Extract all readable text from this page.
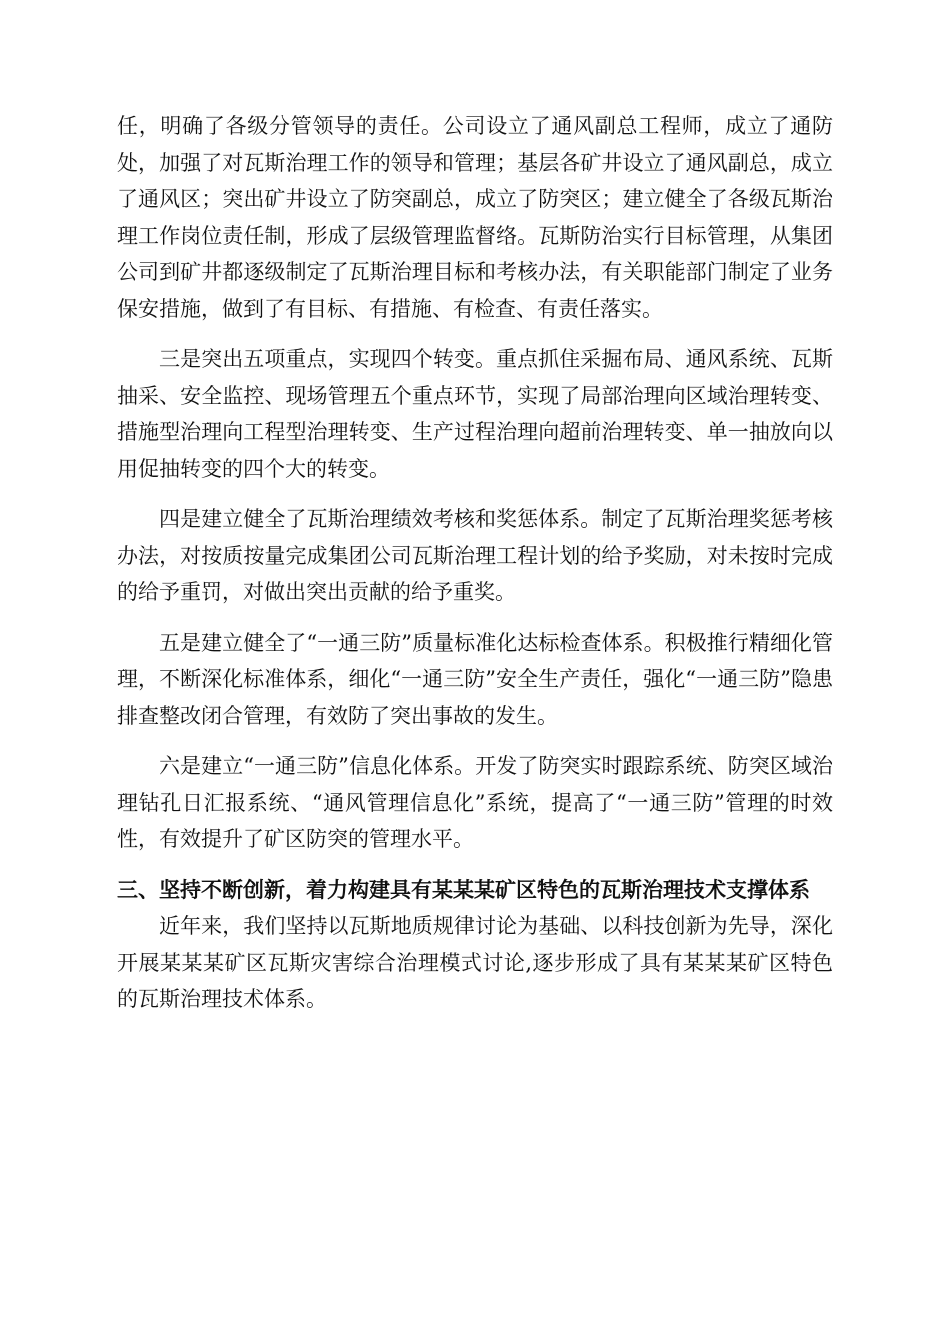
任，明确了各级分管领导的责任。公司设立了通风副总工程师，成立了通防处，加强了对瓦斯治理工作的领导和管理；基层各矿井设立了通风副总，成立了通风区；突出矿井设立了防突副总，成立了防突区；建立健全了各级瓦斯治理工作岗位责任制，形成了层级管理监督络。瓦斯防治实行目标管理，从集团公司到矿井都逐级制定了瓦斯治理目标和考核办法，有关职能部门制定了业务保安措施，做到了有目标、有措施、有检查、有责任落实。

三是突出五项重点，实现四个转变。重点抓住采掘布局、通风系统、瓦斯抽采、安全监控、现场管理五个重点环节，实现了局部治理向区域治理转变、措施型治理向工程型治理转变、生产过程治理向超前治理转变、单一抽放向以用促抽转变的四个大的转变。

四是建立健全了瓦斯治理绩效考核和奖惩体系。制定了瓦斯治理奖惩考核办法，对按质按量完成集团公司瓦斯治理工程计划的给予奖励，对未按时完成的给予重罚，对做出突出贡献的给予重奖。

五是建立健全了“一通三防”质量标准化达标检查体系。积极推行精细化管理，不断深化标准体系，细化“一通三防”安全生产责任，强化“一通三防”隐患排查整改闭合管理，有效防了突出事故的发生。

六是建立“一通三防”信息化体系。开发了防突实时跟踪系统、防突区域治理钻孔日汇报系统、“通风管理信息化”系统，提高了“一通三防”管理的时效性，有效提升了矿区防突的管理水平。

三、坚持不断创新，着力构建具有某某某矿区特色的瓦斯治理技术支撑体系

近年来，我们坚持以瓦斯地质规律讨论为基础、以科技创新为先导，深化开展某某某矿区瓦斯灾害综合治理模式讨论,逐步形成了具有某某某矿区特色的瓦斯治理技术体系。
